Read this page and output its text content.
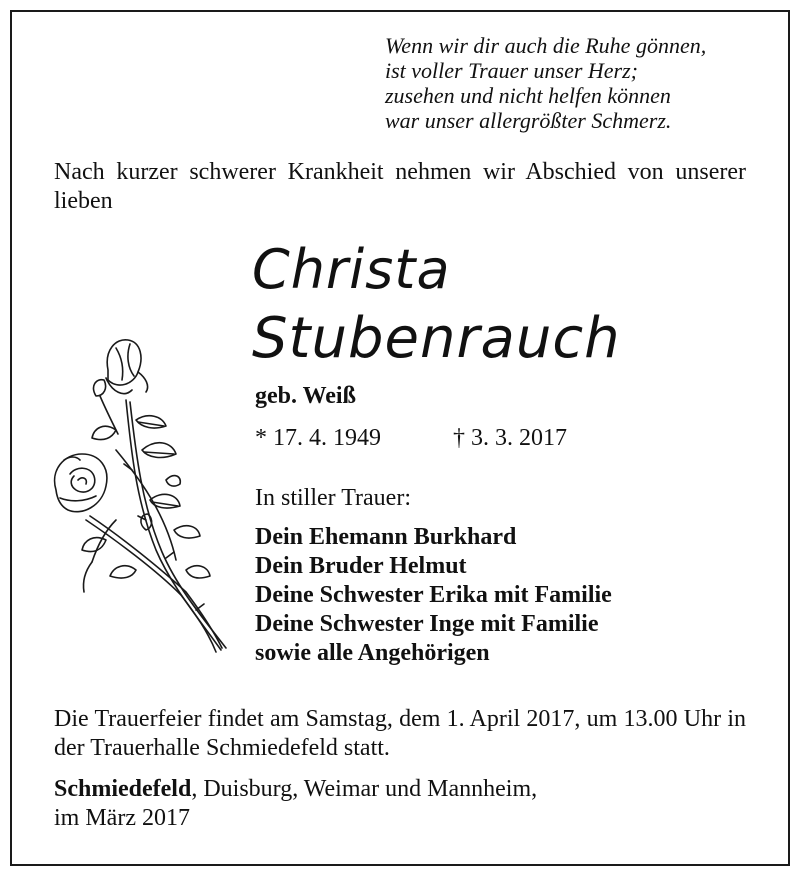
Wenn wir dir auch die Ruhe gönnen,
ist voller Trauer unser Herz;
zusehen und nicht helfen können
war unser allergrößter Schmerz.
Nach kurzer schwerer Krankheit nehmen wir Abschied von unserer lieben
Christa
Stubenrauch
geb. Weiß
* 17. 4. 1949	† 3. 3. 2017
In stiller Trauer:
Dein Ehemann Burkhard
Dein Bruder Helmut
Deine Schwester Erika mit Familie
Deine Schwester Inge mit Familie
sowie alle Angehörigen
Die Trauerfeier findet am Samstag, dem 1. April 2017, um 13.00 Uhr in der Trauerhalle Schmiedefeld statt.
Schmiedefeld, Duisburg, Weimar und Mannheim,
im März 2017
